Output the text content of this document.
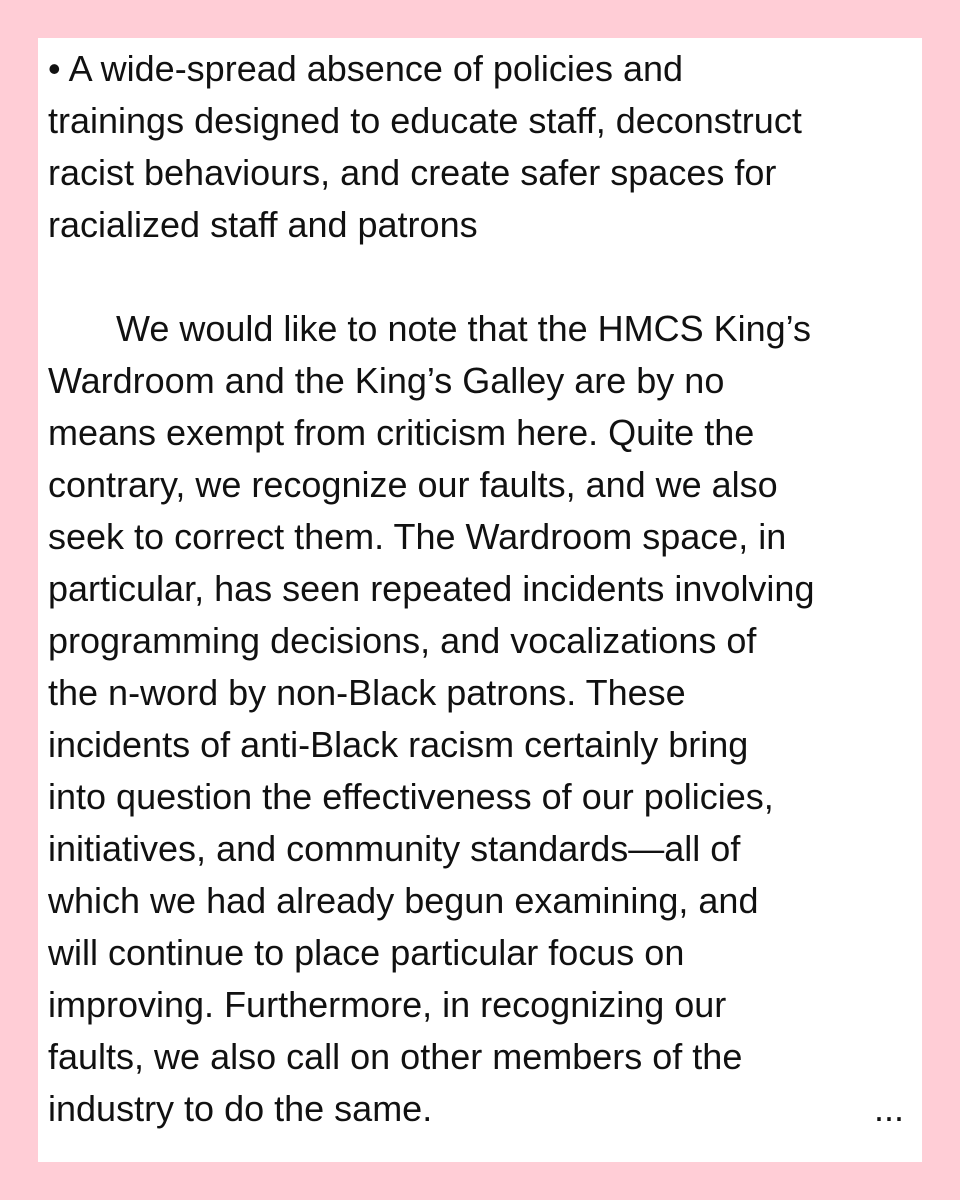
• A wide-spread absence of policies and
trainings designed to educate staff, deconstruct
racist behaviours, and create safer spaces for
racialized staff and patrons
We would like to note that the HMCS King’s
Wardroom and the King’s Galley are by no
means exempt from criticism here. Quite the
contrary, we recognize our faults, and we also
seek to correct them. The Wardroom space, in
particular, has seen repeated incidents involving
programming decisions, and vocalizations of
the n-word by non-Black patrons. These
incidents of anti-Black racism certainly bring
into question the effectiveness of our policies,
initiatives, and community standards—all of
which we had already begun examining, and
will continue to place particular focus on
improving. Furthermore, in recognizing our
faults, we also call on other members of the
industry to do the same.	...
